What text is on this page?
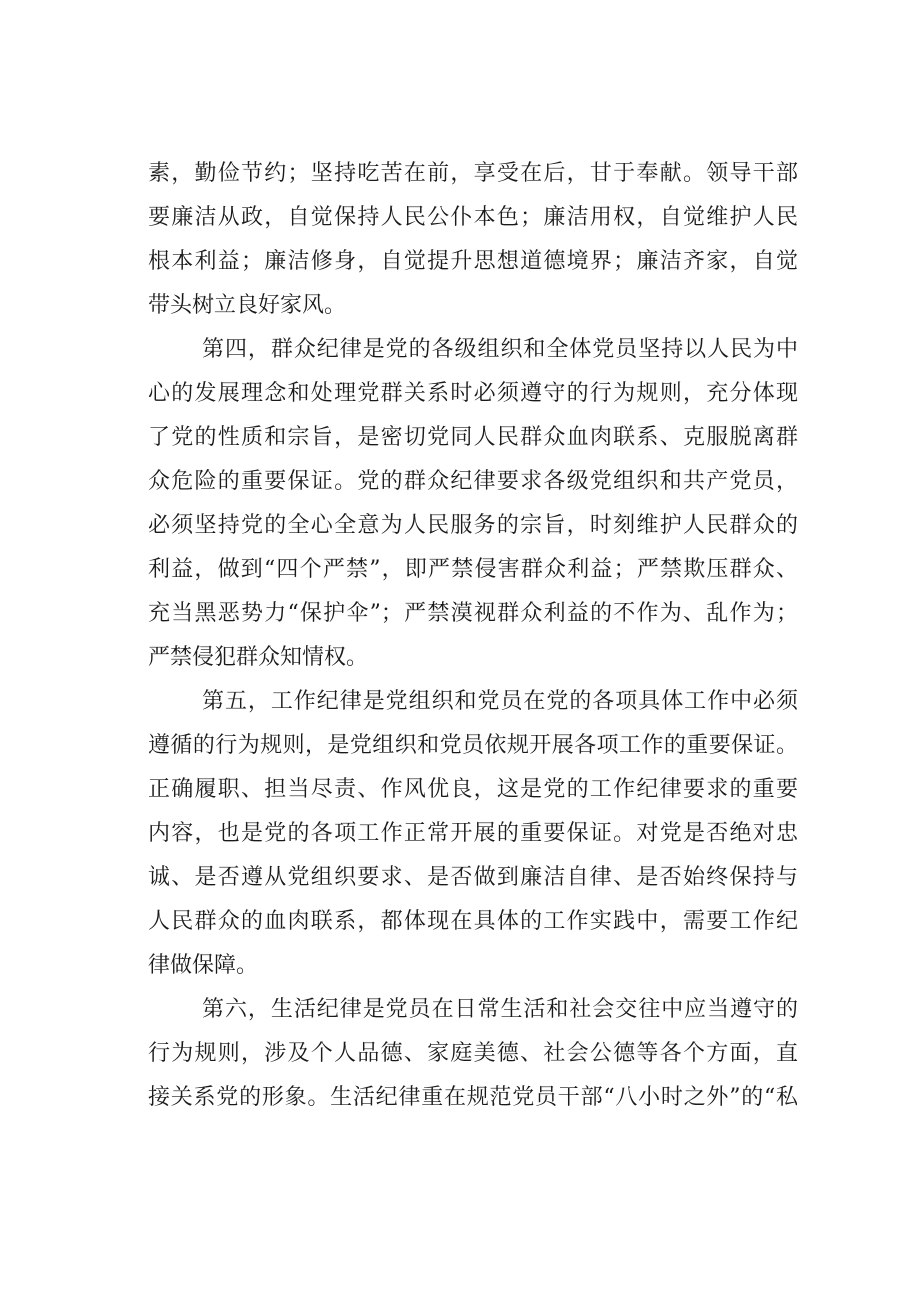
素，勤俭节约；坚持吃苦在前，享受在后，甘于奉献。领导干部
要廉洁从政，自觉保持人民公仆本色；廉洁用权，自觉维护人民
根本利益；廉洁修身，自觉提升思想道德境界；廉洁齐家，自觉
带头树立良好家风。
第四，群众纪律是党的各级组织和全体党员坚持以人民为中
心的发展理念和处理党群关系时必须遵守的行为规则，充分体现
了党的性质和宗旨，是密切党同人民群众血肉联系、克服脱离群
众危险的重要保证。党的群众纪律要求各级党组织和共产党员，
必须坚持党的全心全意为人民服务的宗旨，时刻维护人民群众的
利益，做到“四个严禁”，即严禁侵害群众利益；严禁欺压群众、
充当黑恶势力“保护伞”；严禁漠视群众利益的不作为、乱作为；
严禁侵犯群众知情权。
第五，工作纪律是党组织和党员在党的各项具体工作中必须
遵循的行为规则，是党组织和党员依规开展各项工作的重要保证。
正确履职、担当尽责、作风优良，这是党的工作纪律要求的重要
内容，也是党的各项工作正常开展的重要保证。对党是否绝对忠
诚、是否遵从党组织要求、是否做到廉洁自律、是否始终保持与
人民群众的血肉联系，都体现在具体的工作实践中，需要工作纪
律做保障。
第六，生活纪律是党员在日常生活和社会交往中应当遵守的
行为规则，涉及个人品德、家庭美德、社会公德等各个方面，直
接关系党的形象。生活纪律重在规范党员干部“八小时之外”的“私
